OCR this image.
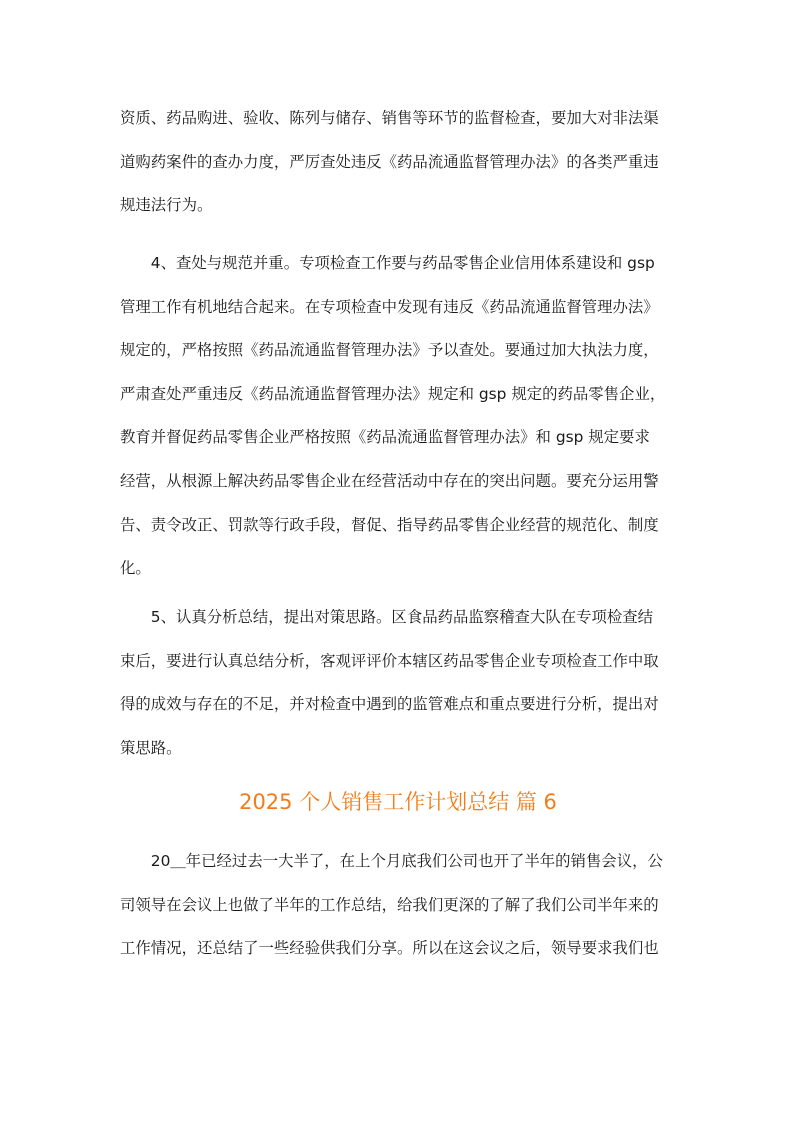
资质、药品购进、验收、陈列与储存、销售等环节的监督检查，要加大对非法渠
道购药案件的查办力度，严厉查处违反《药品流通监督管理办法》的各类严重违
规违法行为。
　　4、查处与规范并重。专项检查工作要与药品零售企业信用体系建设和 gsp
管理工作有机地结合起来。在专项检查中发现有违反《药品流通监督管理办法》
规定的，严格按照《药品流通监督管理办法》予以查处。要通过加大执法力度，
严肃查处严重违反《药品流通监督管理办法》规定和 gsp 规定的药品零售企业，
教育并督促药品零售企业严格按照《药品流通监督管理办法》和 gsp 规定要求
经营，从根源上解决药品零售企业在经营活动中存在的突出问题。要充分运用警
告、责令改正、罚款等行政手段，督促、指导药品零售企业经营的规范化、制度
化。
　　5、认真分析总结，提出对策思路。区食品药品监察稽查大队在专项检查结
束后，要进行认真总结分析，客观评评价本辖区药品零售企业专项检查工作中取
得的成效与存在的不足，并对检查中遇到的监管难点和重点要进行分析，提出对
策思路。
2025 个人销售工作计划总结 篇 6
　　20＿年已经过去一大半了，在上个月底我们公司也开了半年的销售会议，公
司领导在会议上也做了半年的工作总结，给我们更深的了解了我们公司半年来的
工作情况，还总结了一些经验供我们分享。所以在这会议之后，领导要求我们也
